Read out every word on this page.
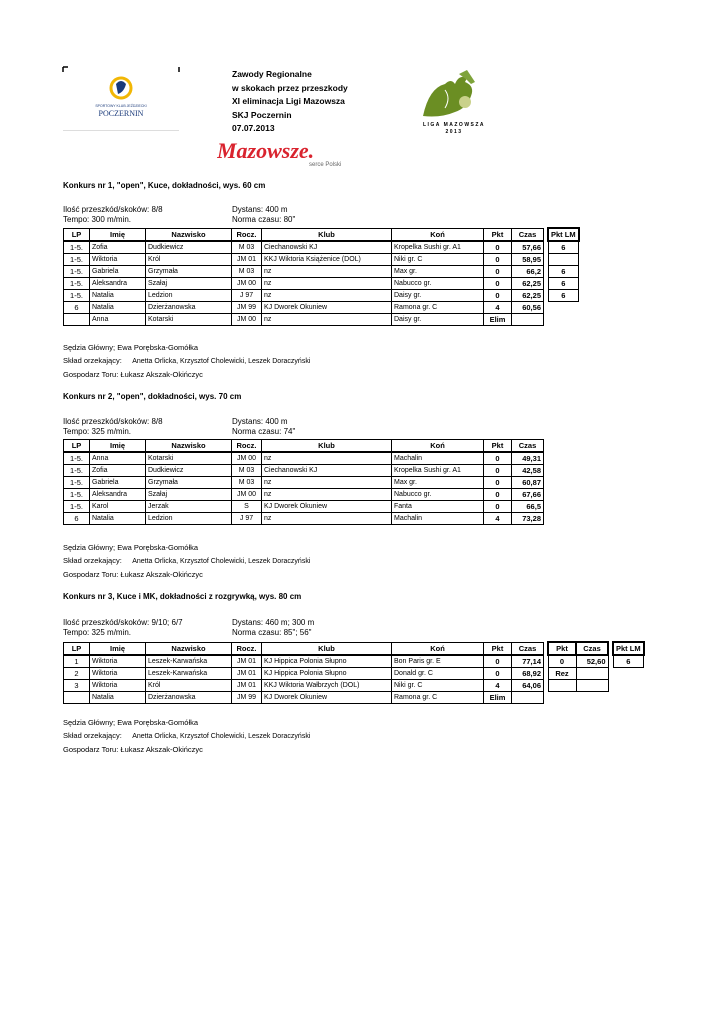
SPORTOWY KLUB JEŹDZIECKI
POCZERNIN
Zawody Regionalne
w skokach przez przeszkody
XI eliminacja Ligi Mazowsza
SKJ Poczernin
07.07.2013	LIGA MAZOWSZA
2013
Mazowsze.
serce Polski
Konkurs nr 1, "open", Kuce, dokładności, wys. 60 cm
Ilość przeszkód/skoków: 8/8
Tempo: 300 m/min.
Dystans: 400 m
Norma czasu: 80"
LP	Imię	Nazwisko	Rocz.	Klub	Koń	Pkt	Czas		Pkt LM
1-5.	Zofia	Dudkiewicz	M 03	Ciechanowski KJ	Kropelka Sushi gr. A1	0	57,66		6
1-5.	Wiktoria	Król	JM 01	KKJ Wiktoria Książenice (DOL)	Niki gr. C	0	58,95		
1-5.	Gabriela	Grzymała	M 03	nz	Max gr.	0	66,2		6
1-5.	Aleksandra	Szałaj	JM 00	nz	Nabucco gr.	0	62,25		6
1-5.	Natalia	Ledzion	J 97	nz	Daisy gr.	0	62,25		6
6	Natalia	Dzierżanowska	JM 99	KJ Dworek Okuniew	Ramona gr. C	4	60,56		
	Anna	Kotarski	JM 00	nz	Daisy gr.	Elim			
Sędzia Główny; Ewa Porębska-Gomółka
Skład orzekający: Anetta Orlicka, Krzysztof Cholewicki, Leszek Doraczyński
Gospodarz Toru: Łukasz Akszak-Okińczyc
Konkurs nr 2, "open", dokładności, wys. 70 cm
Ilość przeszkód/skoków: 8/8
Tempo: 325 m/min.
Dystans: 400 m
Norma czasu: 74"
LP	Imię	Nazwisko	Rocz.	Klub	Koń	Pkt	Czas
1-5.	Anna	Kotarski	JM 00	nz	Machalin	0	49,31
1-5.	Zofia	Dudkiewicz	M 03	Ciechanowski KJ	Kropelka Sushi gr. A1	0	42,58
1-5.	Gabriela	Grzymała	M 03	nz	Max gr.	0	60,87
1-5.	Aleksandra	Szałaj	JM 00	nz	Nabucco gr.	0	67,66
1-5.	Karol	Jerzak	S	KJ Dworek Okuniew	Fanta	0	66,5
6	Natalia	Ledzion	J 97	nz	Machalin	4	73,28
Sędzia Główny; Ewa Porębska-Gomółka
Skład orzekający: Anetta Orlicka, Krzysztof Cholewicki, Leszek Doraczyński
Gospodarz Toru: Łukasz Akszak-Okińczyc
Konkurs nr 3, Kuce i MK, dokładności z rozgrywką, wys. 80 cm
Ilość przeszkód/skoków: 9/10; 6/7
Tempo: 325 m/min.
Dystans: 460 m; 300 m
Norma czasu: 85"; 56"
LP	Imię	Nazwisko	Rocz.	Klub	Koń	Pkt	Czas		Pkt	Czas		Pkt LM
1	Wiktoria	Leszek-Karwańska	JM 01	KJ Hippica Polonia Słupno	Bon Paris gr. E	0	77,14		0	52,60		6
2	Wiktoria	Leszek-Karwańska	JM 01	KJ Hippica Polonia Słupno	Donald gr. C	0	68,92		Rez			
3	Wiktoria	Król	JM 01	KKJ Wiktoria Wałbrzych (DOL)	Niki gr. C	4	64,06					
	Natalia	Dzierżanowska	JM 99	KJ Dworek Okuniew	Ramona gr. C	Elim						
Sędzia Główny; Ewa Porębska-Gomółka
Skład orzekający: Anetta Orlicka, Krzysztof Cholewicki, Leszek Doraczyński
Gospodarz Toru: Łukasz Akszak-Okińczyc
